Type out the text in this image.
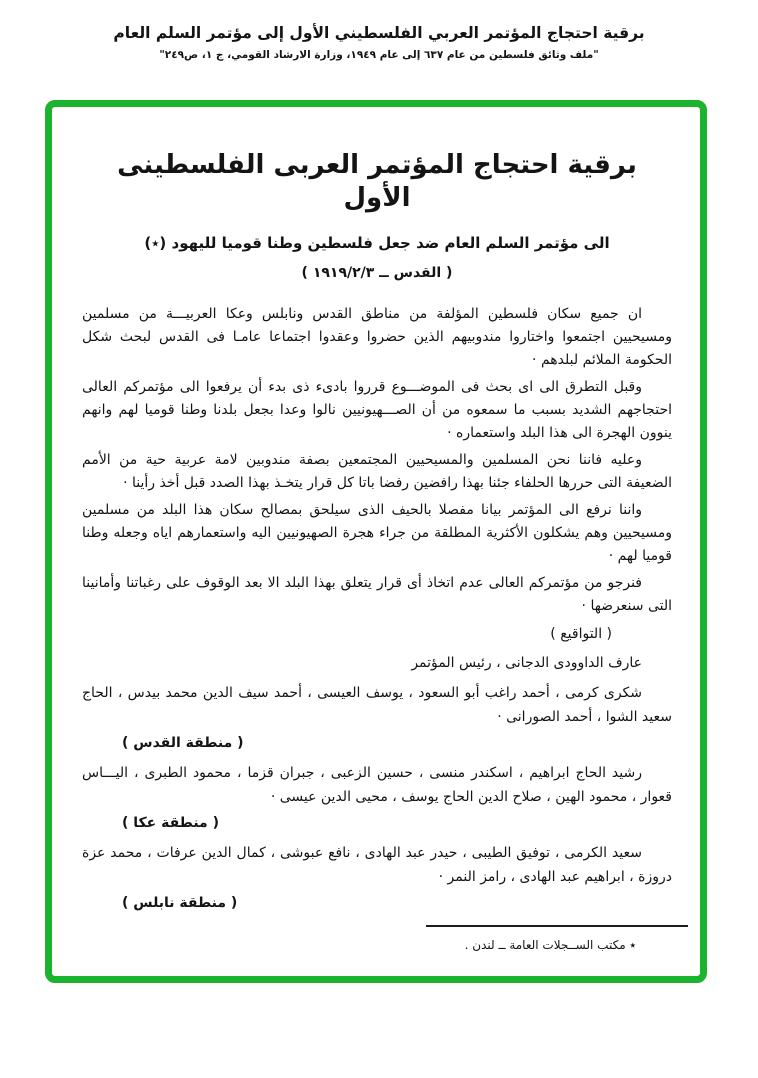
برقية احتجاج المؤتمر العربي الفلسطيني الأول إلى مؤتمر السلم العام
"ملف وثائق فلسطين من عام ٦٣٧ إلى عام ١٩٤٩، وزارة الارشاد القومي، ج ١، ص٢٤٩"
برقية احتجاج المؤتمر العربى الفلسطينى الأول
الى مؤتمر السلم العام ضد جعل فلسطين وطنا قوميا لليهود (٭)
( القدس ــ ١٩١٩/٢/٣ )

ان جميع سكان فلسطين المؤلفة من مناطق القدس ونابلس وعكا العربيـــة من مسلمين ومسيحيين اجتمعوا واختاروا مندوبيهم الذين حضروا وعقدوا اجتماعا عامـا فى القدس لبحث شكل الحكومة الملائم لبلدهم ·

وقبل التطرق الى اى بحث فى الموضـــوع قرروا بادىء ذى بدء أن يرفعوا الى مؤتمركم العالى احتجاجهم الشديد بسبب ما سمعوه من أن الصـــهيونيين نالوا وعدا بجعل بلدنا وطنا قوميا لهم وانهم ينوون الهجرة الى هذا البلد واستعماره ·

وعليه فاننا نحن المسلمين والمسيحيين المجتمعين بصفة مندوبين لامة عربية حية من الأمم الضعيفة التى حررها الحلفاء جئنا بهذا رافضين رفضا باتا كل قرار يتخـذ بهذا الصدد قبل أخذ رأينا ·

واننا نرفع الى المؤتمر بيانا مفصلا بالحيف الذى سيلحق بمصالح سكان هذا البلد من مسلمين ومسيحيين وهم يشكلون الأكثرية المطلقة من جراء هجرة الصهيونيين اليه واستعمارهم اياه وجعله وطنا قوميا لهم ·

فنرجو من مؤتمركم العالى عدم اتخاذ أى قرار يتعلق بهذا البلد الا بعد الوقوف على رغباتنا وأمانينا التى سنعرضها ·

( التواقيع )
عارف الداوودى الدجانى ، رئيس المؤتمر

شكرى كرمى ، أحمد راغب أبو السعود ، يوسف العيسى ، أحمد سيف الدين محمد بيدس ، الحاج سعيد الشوا ، أحمد الصورانى ·

( منطقة القدس )

رشيد الحاج ابراهيم ، اسكندر منسى ، حسين الزعبى ، جبران قزما ، محمود الطبرى ، اليـــاس قعوار ، محمود الهين ، صلاح الدين الحاج يوسف ، محيى الدين عيسى ·

( منطقة عكا )

سعيد الكرمى ، توفيق الطيبى ، حيدر عبد الهادى ، نافع عبوشى ، كمال الدين عرفات ، محمد عزة دروزة ، ابراهيم عبد الهادى ، رامز النمر ·

( منطقة نابلس )
٭ مكتب الســجلات العامة ــ لندن .
